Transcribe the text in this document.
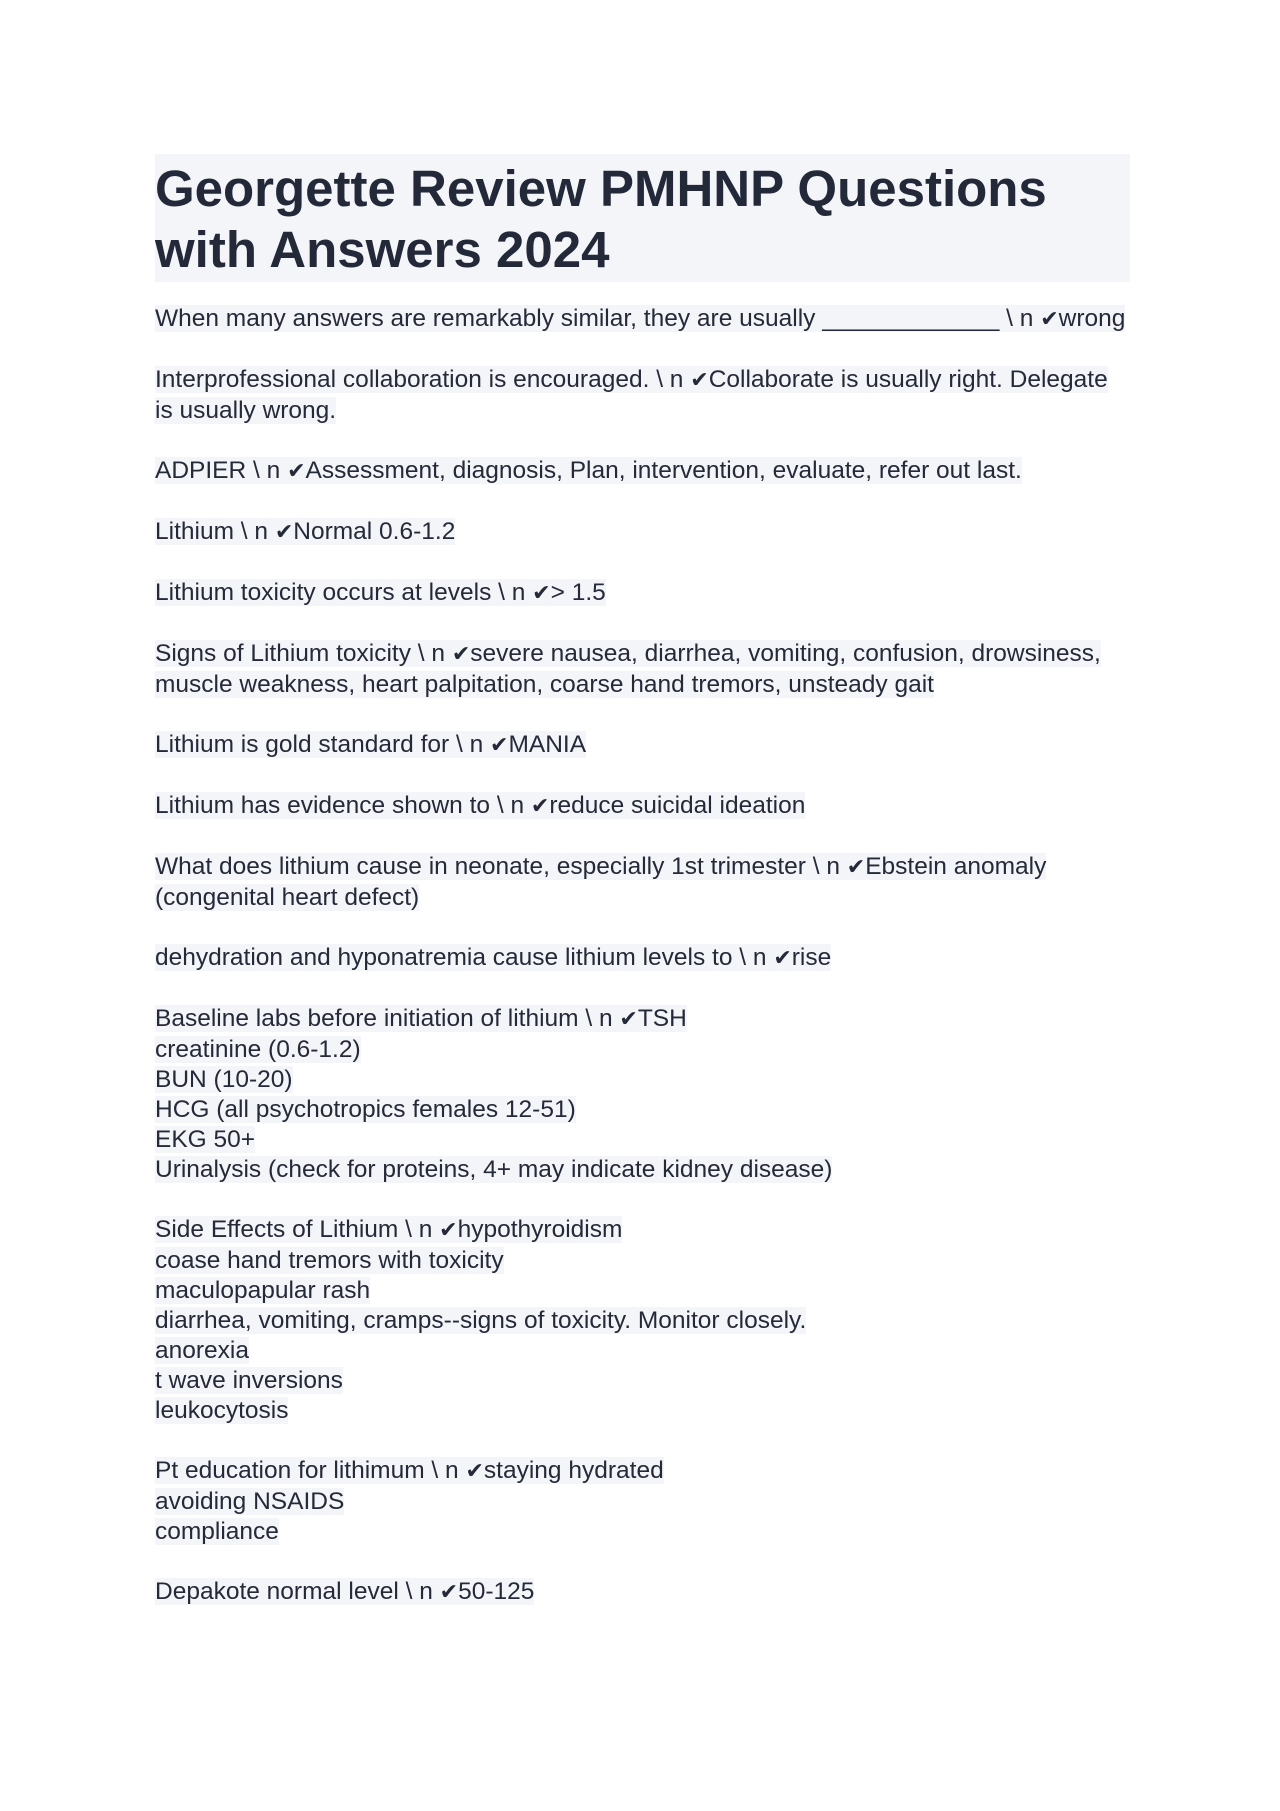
Georgette Review PMHNP Questions with Answers 2024
When many answers are remarkably similar, they are usually _____________ \ n ✔wrong
Interprofessional collaboration is encouraged. \ n ✔Collaborate is usually right. Delegate is usually wrong.
ADPIER \ n ✔Assessment, diagnosis, Plan, intervention, evaluate, refer out last.
Lithium \ n ✔Normal 0.6-1.2
Lithium toxicity occurs at levels \ n ✔> 1.5
Signs of Lithium toxicity \ n ✔severe nausea, diarrhea, vomiting, confusion, drowsiness, muscle weakness, heart palpitation, coarse hand tremors, unsteady gait
Lithium is gold standard for \ n ✔MANIA
Lithium has evidence shown to \ n ✔reduce suicidal ideation
What does lithium cause in neonate, especially 1st trimester \ n ✔Ebstein anomaly (congenital heart defect)
dehydration and hyponatremia cause lithium levels to \ n ✔rise
Baseline labs before initiation of lithium \ n ✔TSH
creatinine (0.6-1.2)
BUN (10-20)
HCG (all psychotropics females 12-51)
EKG 50+
Urinalysis (check for proteins, 4+ may indicate kidney disease)
Side Effects of Lithium \ n ✔hypothyroidism
coase hand tremors with toxicity
maculopapular rash
diarrhea, vomiting, cramps--signs of toxicity. Monitor closely.
anorexia
t wave inversions
leukocytosis
Pt education for lithimum \ n ✔staying hydrated
avoiding NSAIDS
compliance
Depakote normal level \ n ✔50-125
